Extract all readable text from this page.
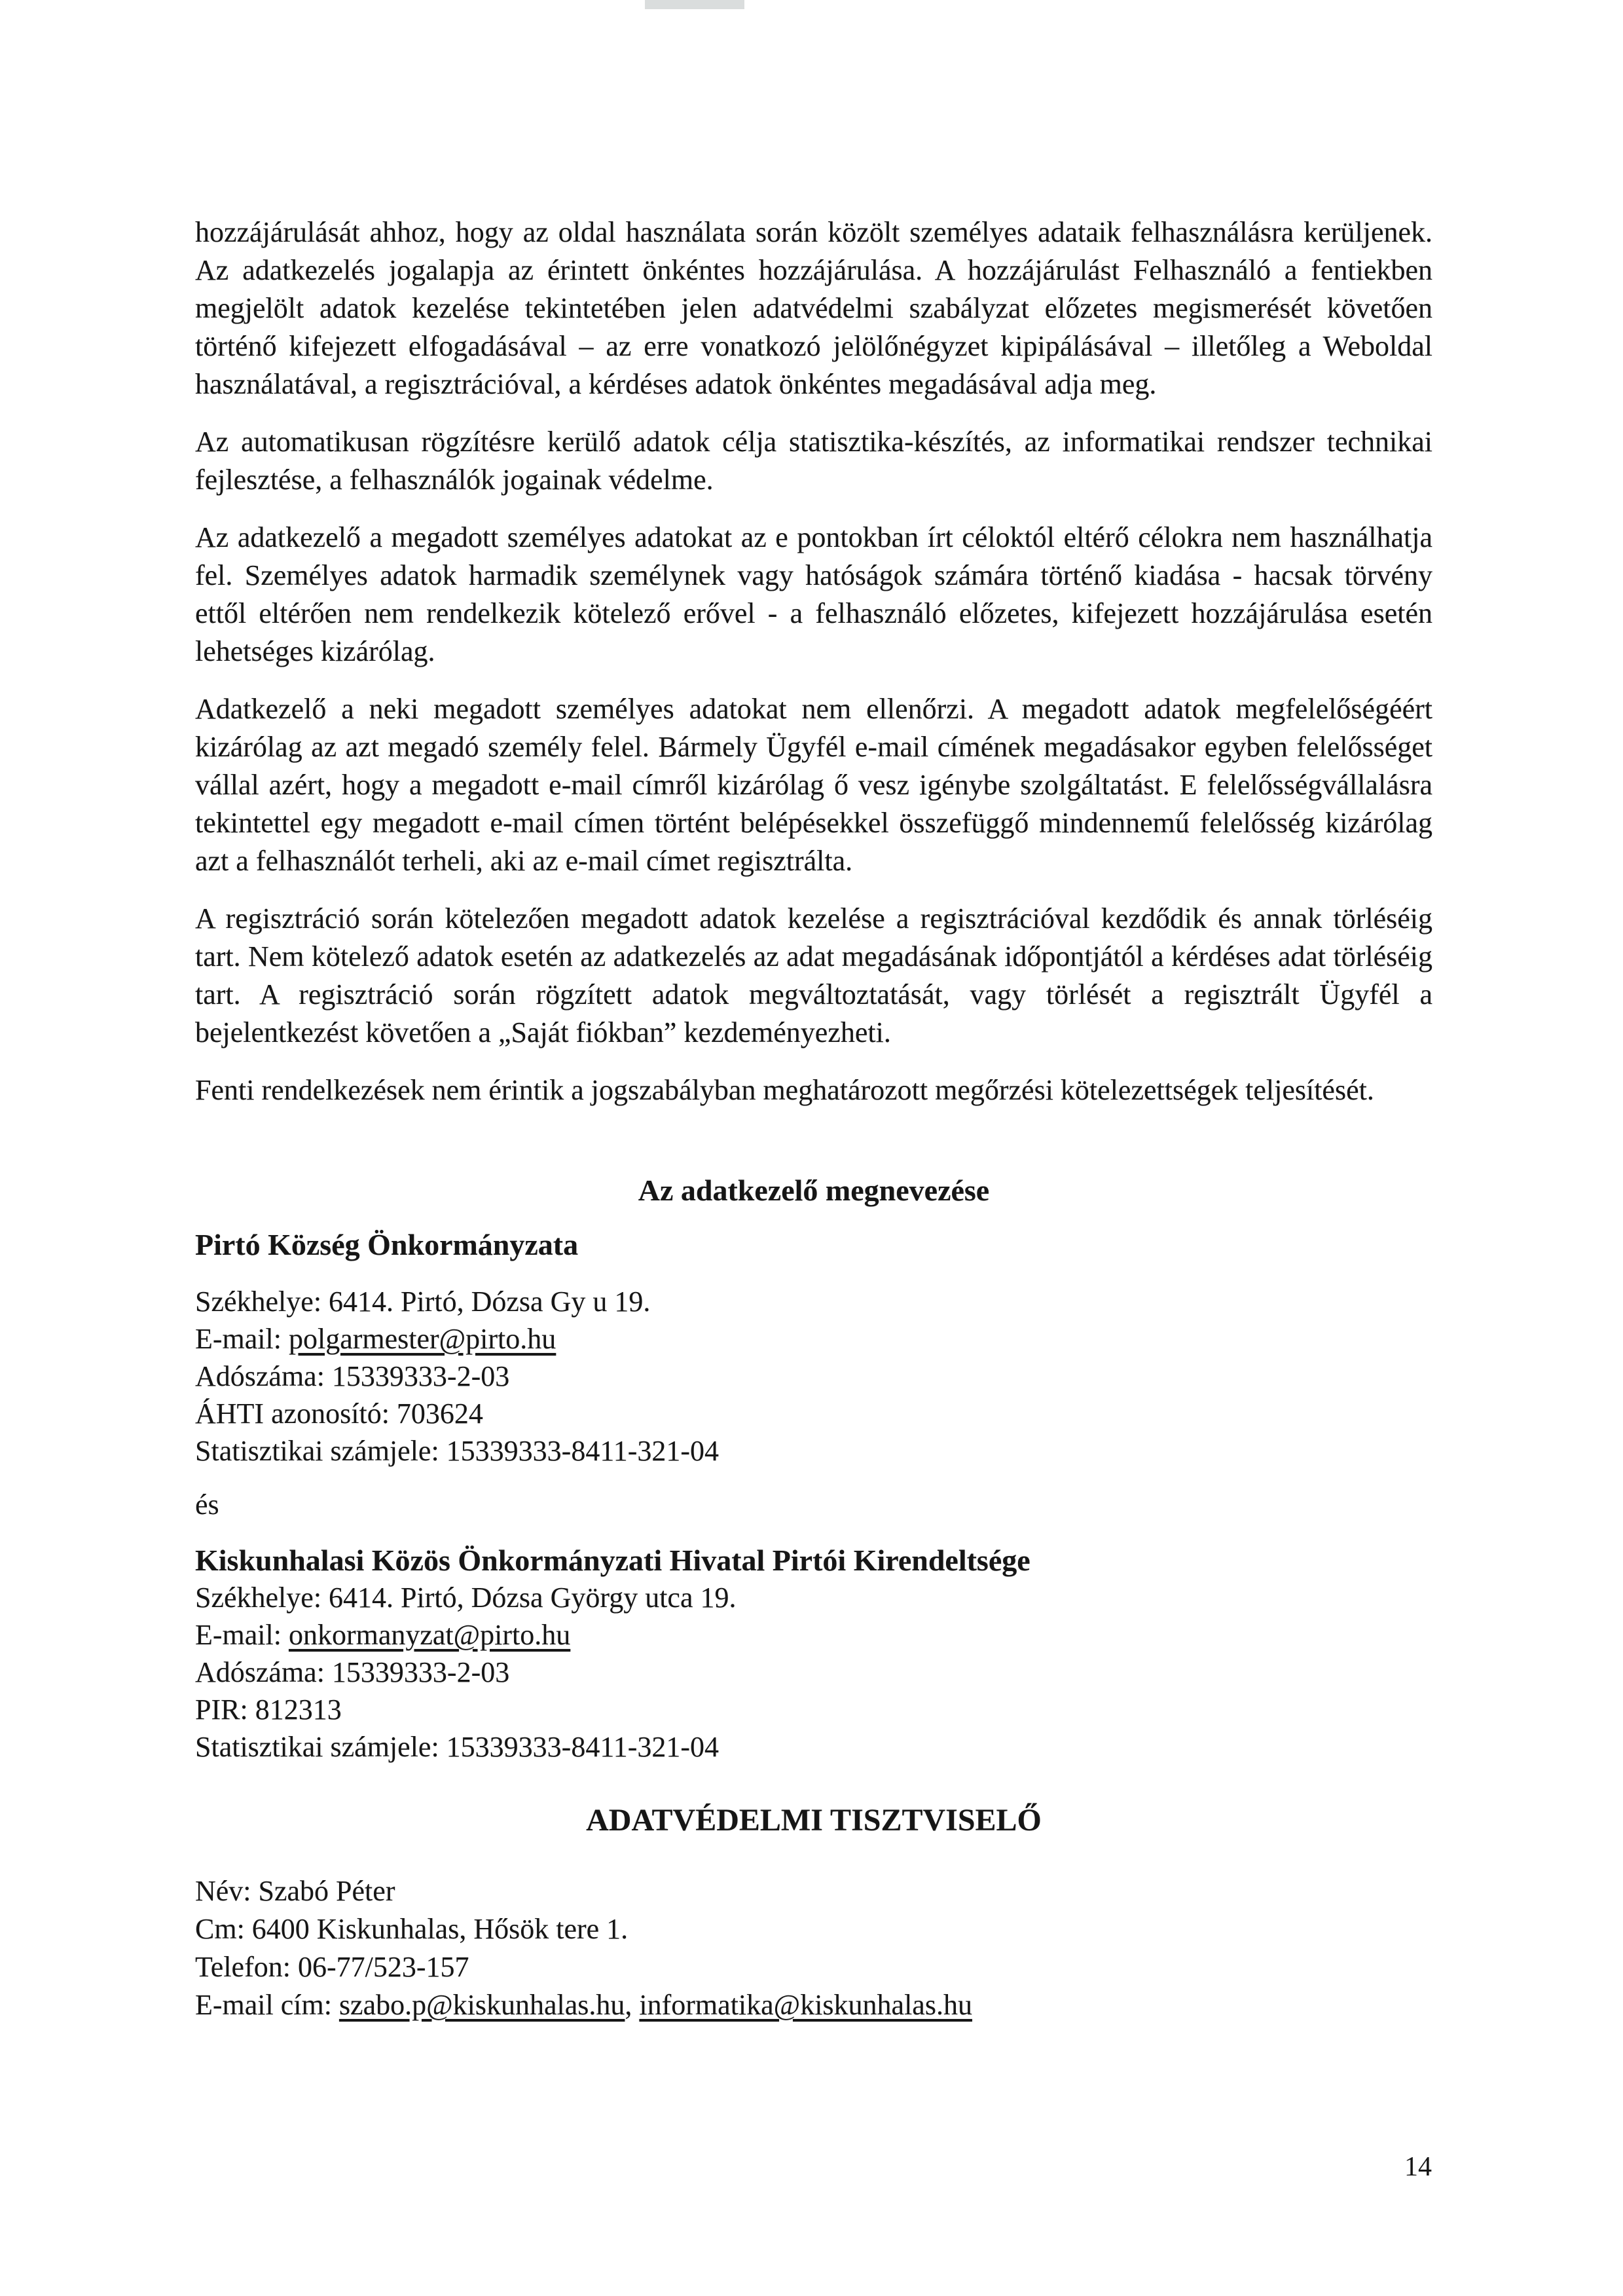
hozzájárulását ahhoz, hogy az oldal használata során közölt személyes adataik felhasználásra kerüljenek. Az adatkezelés jogalapja az érintett önkéntes hozzájárulása. A hozzájárulást Felhasználó a fentiekben megjelölt adatok kezelése tekintetében jelen adatvédelmi szabályzat előzetes megismerését követően történő kifejezett elfogadásával – az erre vonatkozó jelölőnégyzet kipipálásával – illetőleg a Weboldal használatával, a regisztrációval, a kérdéses adatok önkéntes megadásával adja meg.

Az automatikusan rögzítésre kerülő adatok célja statisztika-készítés, az informatikai rendszer technikai fejlesztése, a felhasználók jogainak védelme.

Az adatkezelő a megadott személyes adatokat az e pontokban írt céloktól eltérő célokra nem használhatja fel. Személyes adatok harmadik személynek vagy hatóságok számára történő kiadása - hacsak törvény ettől eltérően nem rendelkezik kötelező erővel - a felhasználó előzetes, kifejezett hozzájárulása esetén lehetséges kizárólag.

Adatkezelő a neki megadott személyes adatokat nem ellenőrzi. A megadott adatok megfelelőségéért kizárólag az azt megadó személy felel. Bármely Ügyfél e-mail címének megadásakor egyben felelősséget vállal azért, hogy a megadott e-mail címről kizárólag ő vesz igénybe szolgáltatást. E felelősségvállalásra tekintettel egy megadott e-mail címen történt belépésekkel összefüggő mindennemű felelősség kizárólag azt a felhasználót terheli, aki az e-mail címet regisztrálta.

A regisztráció során kötelezően megadott adatok kezelése a regisztrációval kezdődik és annak törléséig tart. Nem kötelező adatok esetén az adatkezelés az adat megadásának időpontjától a kérdéses adat törléséig tart. A regisztráció során rögzített adatok megváltoztatását, vagy törlését a regisztrált Ügyfél a bejelentkezést követően a „Saját fiókban” kezdeményezheti.

Fenti rendelkezések nem érintik a jogszabályban meghatározott megőrzési kötelezettségek teljesítését.

Az adatkezelő megnevezése

Pirtó Község Önkormányzata

Székhelye: 6414. Pirtó, Dózsa Gy u 19.
E-mail: polgarmester@pirto.hu
Adószáma: 15339333-2-03
ÁHTI azonosító: 703624
Statisztikai számjele: 15339333-8411-321-04

és

Kiskunhalasi Közös Önkormányzati Hivatal Pirtói Kirendeltsége

Székhelye: 6414. Pirtó, Dózsa György utca 19.
E-mail: onkormanyzat@pirto.hu
Adószáma: 15339333-2-03
PIR: 812313
Statisztikai számjele: 15339333-8411-321-04
ADATVÉDELMI TISZTVISELŐ
Név: Szabó Péter
Cm: 6400 Kiskunhalas, Hősök tere 1.
Telefon: 06-77/523-157
E-mail cím: szabo.p@kiskunhalas.hu, informatika@kiskunhalas.hu
14
